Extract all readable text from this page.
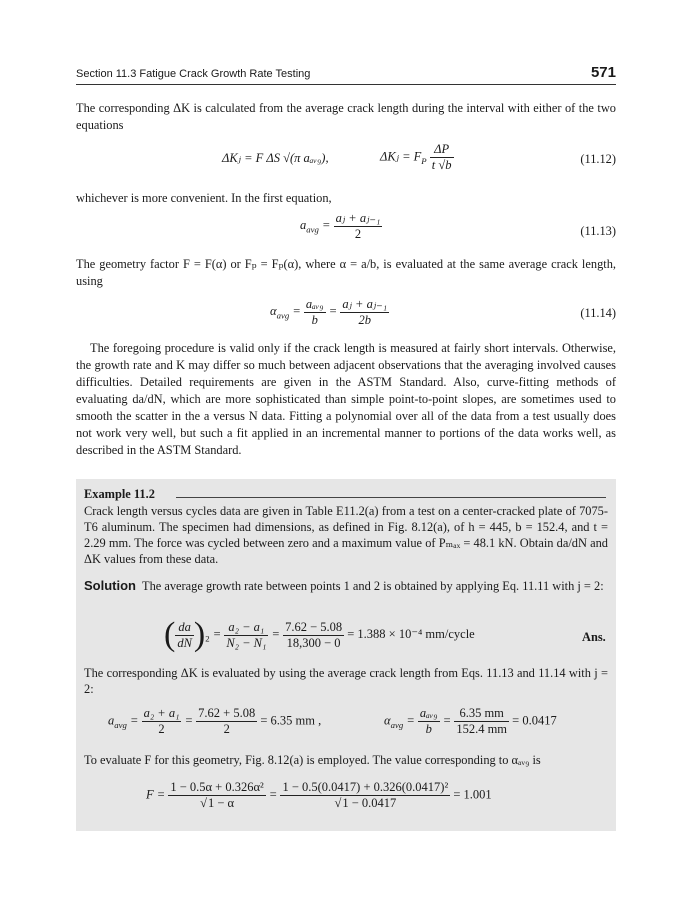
Section 11.3 Fatigue Crack Growth Rate Testing	571

The corresponding ΔK is calculated from the average crack length during the interval with either of the two equations

ΔKⱼ = F ΔS √(π aₐᵥ₉),	ΔKⱼ = $F_P \frac{\Delta P}{t √b}$	(11.12)

whichever is more convenient. In the first equation,

$a_{avg} = \frac{\text{aⱼ + aⱼ₋₁}}{2}$	(11.13)

The geometry factor F = F(α) or Fₚ = Fₚ(α), where α = a/b, is evaluated at the same average crack length, using

$\alpha_{avg} = \frac{\text{aₐᵥ₉}}{b} = \frac{\text{aⱼ + aⱼ₋₁}}{2b}$	(11.14)

The foregoing procedure is valid only if the crack length is measured at fairly short intervals. Otherwise, the growth rate and K may differ so much between adjacent observations that the averaging involved causes difficulties. Detailed requirements are given in the ASTM Standard. Also, curve-fitting methods of evaluating da/dN, which are more sophisticated than simple point-to-point slopes, are sometimes used to smooth the scatter in the a versus N data. Fitting a polynomial over all of the data from a test usually does not work very well, but such a fit applied in an incremental manner to portions of the data works well, as described in the ASTM Standard.

Example 11.2

Crack length versus cycles data are given in Table E11.2(a) from a test on a center-cracked plate of 7075-T6 aluminum. The specimen had dimensions, as defined in Fig. 8.12(a), of h = 445, b = 152.4, and t = 2.29 mm. The force was cycled between zero and a maximum value of Pₘₐₓ = 48.1 kN. Obtain da/dN and ΔK values from these data.

Solution The average growth rate between points 1 and 2 is obtained by applying Eq. 11.11 with j = 2:

( $\frac{da}{dN} )_2 = \frac{\text{a₂ − a₁}}{\text{N₂ − N₁}} = \frac{7.62 - 5.08}{18,300 - 0} = 1.388 \times 10^{-4}$ mm/cycle	Ans.

The corresponding ΔK is evaluated by using the average crack length from Eqs. 11.13 and 11.14 with j = 2:

$a_{avg} = \frac{\text{a₂ + a₁}}{2} = \frac{7.62 + 5.08}{2} = 6.35$ mm ,	$\alpha_{avg} = \frac{\text{aₐᵥ₉}}{b} = \frac{6.35 mm}{152.4 mm} = 0.0417$

To evaluate F for this geometry, Fig. 8.12(a) is employed. The value corresponding to αₐᵥ₉ is

$F = \frac{\text{1 − 0.5α + 0.326α²}}{√1 - \alpha} = \frac{\text{1 − 0.5(0.0417) + 0.326(0.0417)²}}{√1 - 0.0417} = 1.001$
